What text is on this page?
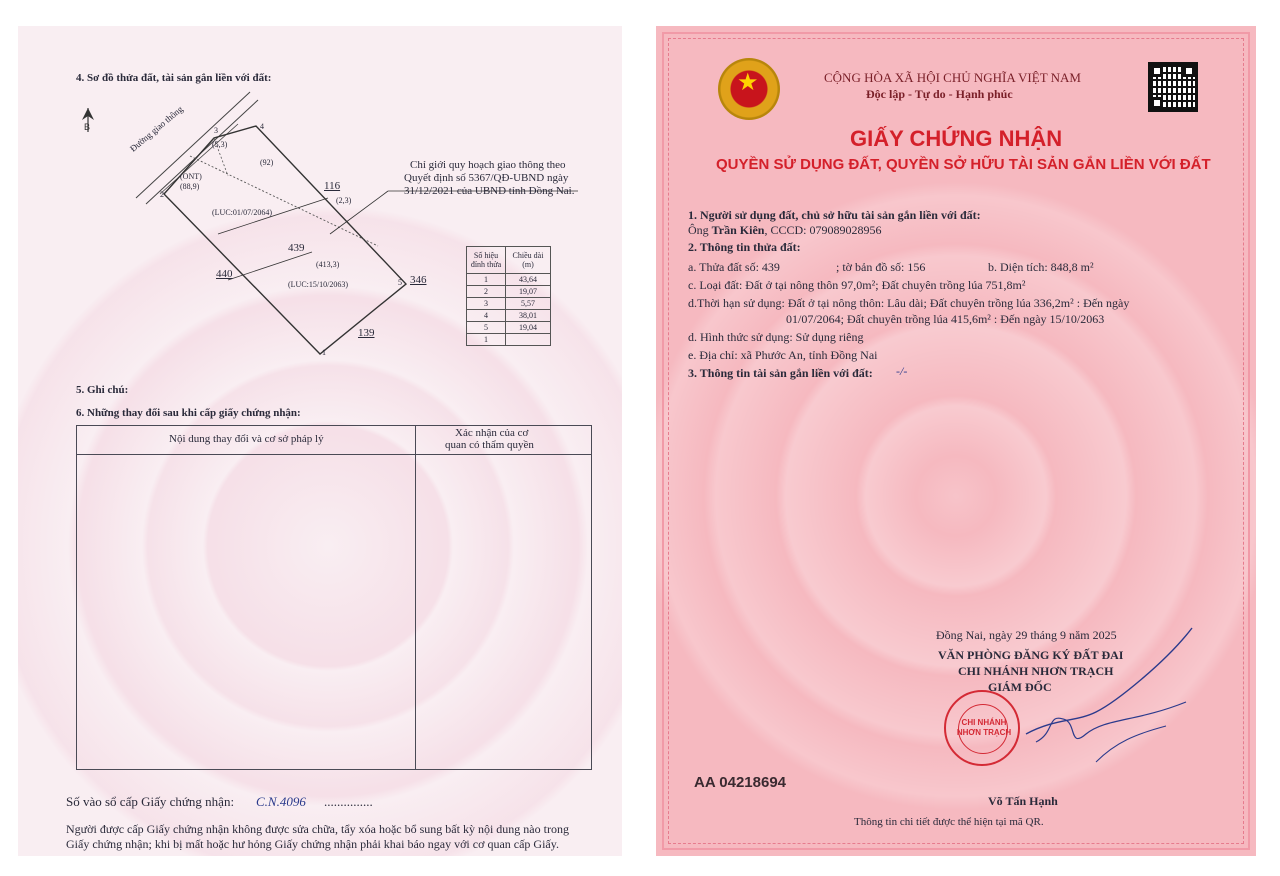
4. Sơ đồ thửa đất, tài sản gắn liền với đất:
B	Đường giao thông
Chỉ giới quy hoạch giao thông theo
Quyết định số 5367/QĐ-UBND ngày
31/12/2021 của UBND tỉnh Đồng Nai.
(ONT)
(88,9)
(5,3)
(92)
(2,3)
(LUC:01/07/2064)
439
(413,3)
(LUC:15/10/2063)
116
440	346
139
1
2
3	4
5
Số hiệu đỉnh thửa	Chiều dài (m)
1	43,64
2	19,07
3	5,57
4	38,01
5	19,04
1	
5. Ghi chú:
6. Những thay đổi sau khi cấp giấy chứng nhận:
Nội dung thay đổi và cơ sở pháp lý	Xác nhận của cơ
quan có thẩm quyền
Số vào sổ cấp Giấy chứng nhận: C.N.4096 ...............
Người được cấp Giấy chứng nhận không được sửa chữa, tẩy xóa hoặc bổ sung bất kỳ nội dung nào trong
Giấy chứng nhận; khi bị mất hoặc hư hỏng Giấy chứng nhận phải khai báo ngay với cơ quan cấp Giấy.
★	CỘNG HÒA XÃ HỘI CHỦ NGHĨA VIỆT NAM
Độc lập - Tự do - Hạnh phúc
GIẤY CHỨNG NHẬN
QUYỀN SỬ DỤNG ĐẤT, QUYỀN SỞ HỮU TÀI SẢN GẮN LIỀN VỚI ĐẤT
1. Người sử dụng đất, chủ sở hữu tài sản gắn liền với đất:
Ông Trần Kiên, CCCD: 079089028956
2. Thông tin thửa đất:
a. Thửa đất số: 439	; tờ bản đồ số: 156	b. Diện tích: 848,8 m²
c. Loại đất: Đất ở tại nông thôn 97,0m²; Đất chuyên trồng lúa 751,8m²
d.Thời hạn sử dụng: Đất ở tại nông thôn: Lâu dài; Đất chuyên trồng lúa 336,2m² : Đến ngày
01/07/2064; Đất chuyên trồng lúa 415,6m² : Đến ngày 15/10/2063
d. Hình thức sử dụng: Sử dụng riêng
e. Địa chỉ: xã Phước An, tỉnh Đồng Nai
3. Thông tin tài sản gắn liền với đất: -/-
Đồng Nai, ngày 29 tháng 9 năm 2025
VĂN PHÒNG ĐĂNG KÝ ĐẤT ĐAI
CHI NHÁNH NHƠN TRẠCH
GIÁM ĐỐC
CHI NHÁNH NHƠN TRẠCH
AA 04218694
Võ Tấn Hạnh
Thông tin chi tiết được thể hiện tại mã QR.
